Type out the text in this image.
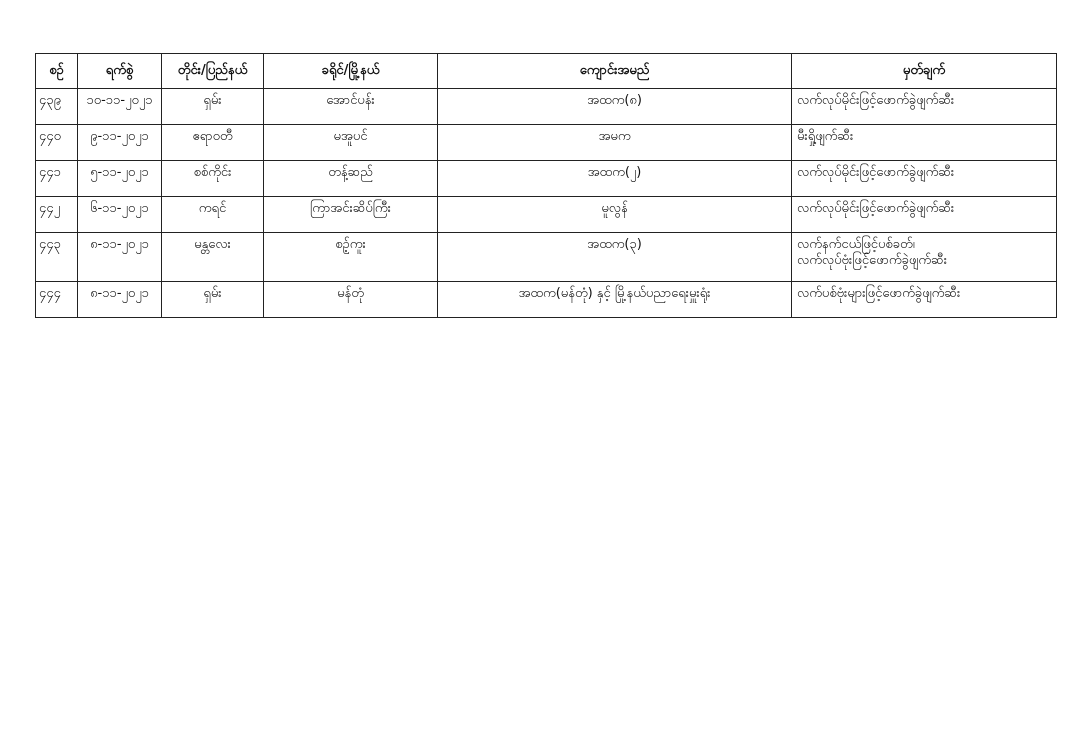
စဉ်	ရက်စွဲ	တိုင်း/ပြည်နယ်	ခရိုင်/မြို့နယ်	ကျောင်းအမည်	မှတ်ချက်
၄၃၉	၁၀-၁၁-၂၀၂၁	ရှမ်း	အောင်ပန်း	အထက(၈)	လက်လုပ်မိုင်းဖြင့်ဖောက်ခွဲဖျက်ဆီး

၄၄၀	၉-၁၁-၂၀၂၁	ဧရာဝတီ	မအူပင်	အမက	မီးရှို့ဖျက်ဆီး

၄၄၁	၅-၁၁-၂၀၂၁	စစ်ကိုင်း	တန့်ဆည်	အထက(၂)	လက်လုပ်မိုင်းဖြင့်ဖောက်ခွဲဖျက်ဆီး

၄၄၂	၆-၁၁-၂၀၂၁	ကရင်	ကြာအင်းဆိပ်ကြီး	မူလွန်	လက်လုပ်မိုင်းဖြင့်ဖောက်ခွဲဖျက်ဆီး

၄၄၃	၈-၁၁-၂၀၂၁	မန္တလေး	စဥ့်ကူး	အထက(၃)	လက်နက်ငယ်ဖြင့်ပစ်ခတ်၊
လက်လုပ်ဗုံးဖြင့်ဖောက်ခွဲဖျက်ဆီး

၄၄၄	၈-၁၁-၂၀၂၁	ရှမ်း	မန်တုံ	အထက(မန်တုံ) နှင့် မြို့နယ်ပညာရေးမှူးရုံး	လက်ပစ်ဗုံးများဖြင့်ဖောက်ခွဲဖျက်ဆီး
